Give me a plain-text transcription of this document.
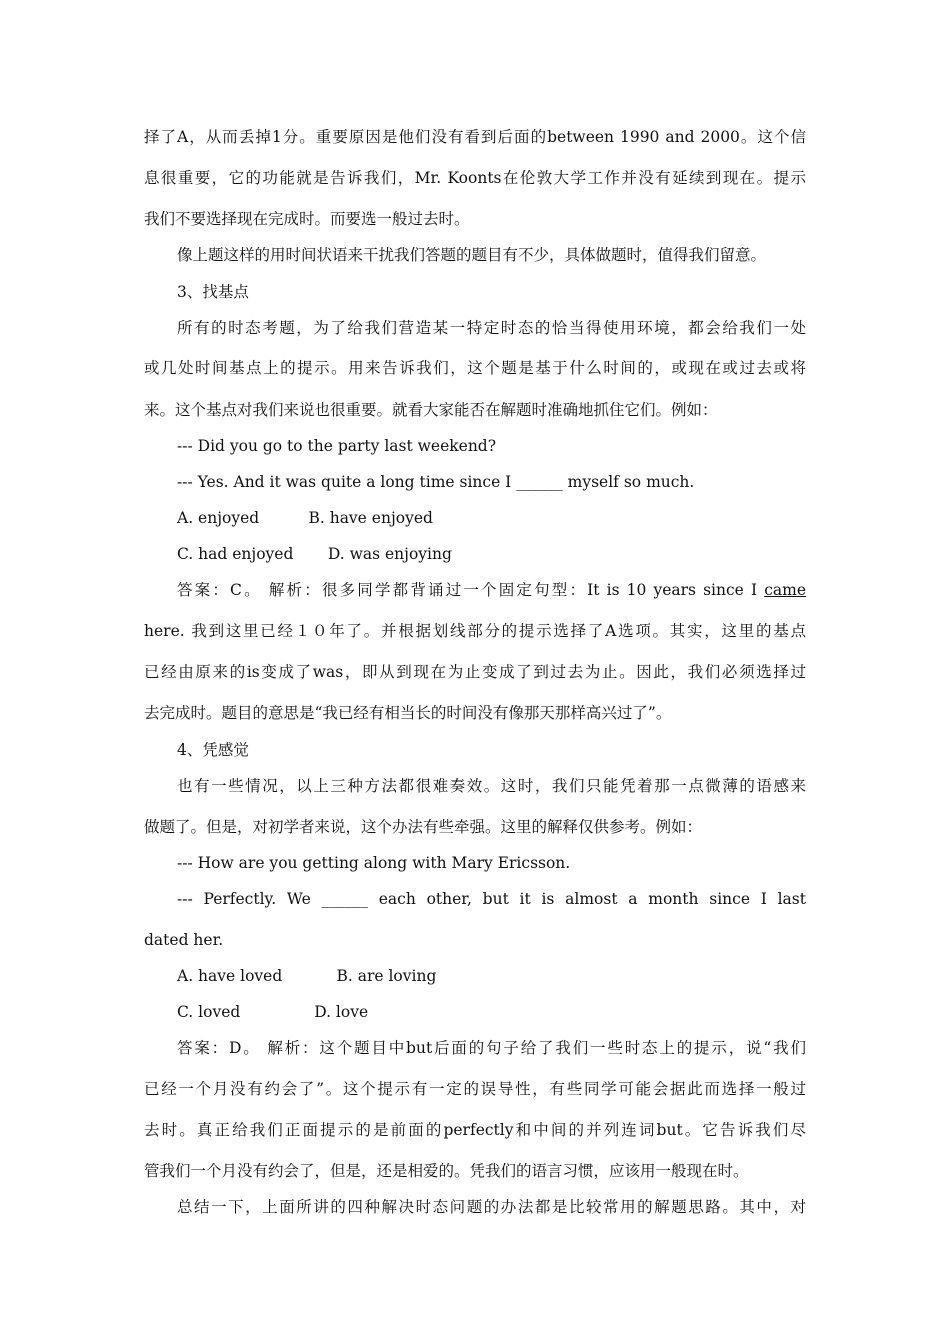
择了A，从而丢掉1分。重要原因是他们没有看到后面的between 1990 and 2000。这个信
息很重要，它的功能就是告诉我们，Mr. Koonts在伦敦大学工作并没有延续到现在。提示
我们不要选择现在完成时。而要选一般过去时。
像上题这样的用时间状语来干扰我们答题的题目有不少，具体做题时，值得我们留意。
3、找基点
所有的时态考题，为了给我们营造某一特定时态的恰当得使用环境，都会给我们一处
或几处时间基点上的提示。用来告诉我们，这个题是基于什么时间的，或现在或过去或将
来。这个基点对我们来说也很重要。就看大家能否在解题时准确地抓住它们。例如：
--- Did you go to the party last weekend?
--- Yes. And it was quite a long time since I ______ myself so much.
A. enjoyed          B. have enjoyed
C. had enjoyed       D. was enjoying
答案：C。 解析：很多同学都背诵过一个固定句型：It is 10 years since I came
here. 我到这里已经１０年了。并根据划线部分的提示选择了A选项。其实，这里的基点
已经由原来的is变成了was，即从到现在为止变成了到过去为止。因此，我们必须选择过
去完成时。题目的意思是“我已经有相当长的时间没有像那天那样高兴过了”。
4、凭感觉
也有一些情况，以上三种方法都很难奏效。这时，我们只能凭着那一点微薄的语感来
做题了。但是，对初学者来说，这个办法有些牵强。这里的解释仅供参考。例如：
--- How are you getting along with Mary Ericsson.
--- Perfectly. We ______ each other, but it is almost a month since I last
dated her.
A. have loved           B. are loving
C. loved               D. love
答案：D。 解析：这个题目中but后面的句子给了我们一些时态上的提示，说“我们
已经一个月没有约会了”。这个提示有一定的误导性，有些同学可能会据此而选择一般过
去时。真正给我们正面提示的是前面的perfectly和中间的并列连词but。它告诉我们尽
管我们一个月没有约会了，但是，还是相爱的。凭我们的语言习惯，应该用一般现在时。
总结一下，上面所讲的四种解决时态问题的办法都是比较常用的解题思路。其中，对
